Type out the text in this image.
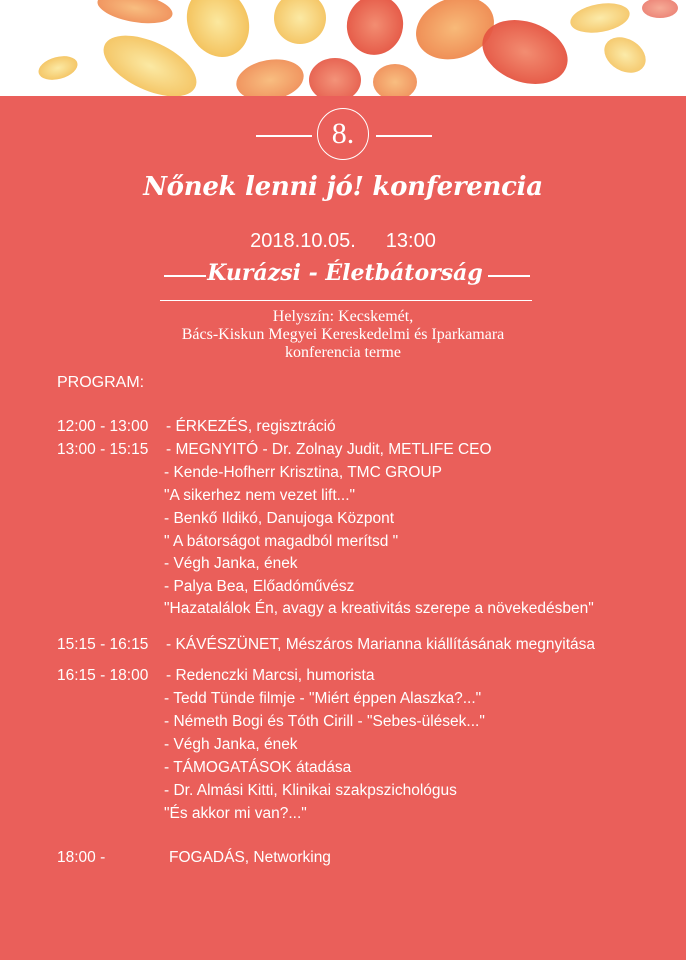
8.
Nőnek lenni jó! konferencia
2018.10.05. 13:00
Kurázsi - Életbátorság
Helyszín: Kecskemét,
Bács-Kiskun Megyei Kereskedelmi és Iparkamara
konferencia terme
PROGRAM:
12:00 - 13:00 - ÉRKEZÉS, regisztráció
13:00 - 15:15 - MEGNYITÓ - Dr. Zolnay Judit, METLIFE CEO
- Kende-Hofherr Krisztina, TMC GROUP
"A sikerhez nem vezet lift..."
- Benkő Ildikó, Danujoga Központ
" A bátorságot magadból merítsd "
- Végh Janka, ének
- Palya Bea, Előadóművész
"Hazatalálok Én, avagy a kreativitás szerepe a növekedésben"
15:15 - 16:15 - KÁVÉSZÜNET, Mészáros Marianna kiállításának megnyitása
16:15 - 18:00 - Redenczki Marcsi, humorista
- Tedd Tünde filmje - "Miért éppen Alaszka?..."
- Németh Bogi és Tóth Cirill - "Sebes-ülések..."
- Végh Janka, ének
- TÁMOGATÁSOK átadása
- Dr. Almási Kitti, Klinikai szakpszichológus
"És akkor mi van?..."
18:00 -	FOGADÁS, Networking
